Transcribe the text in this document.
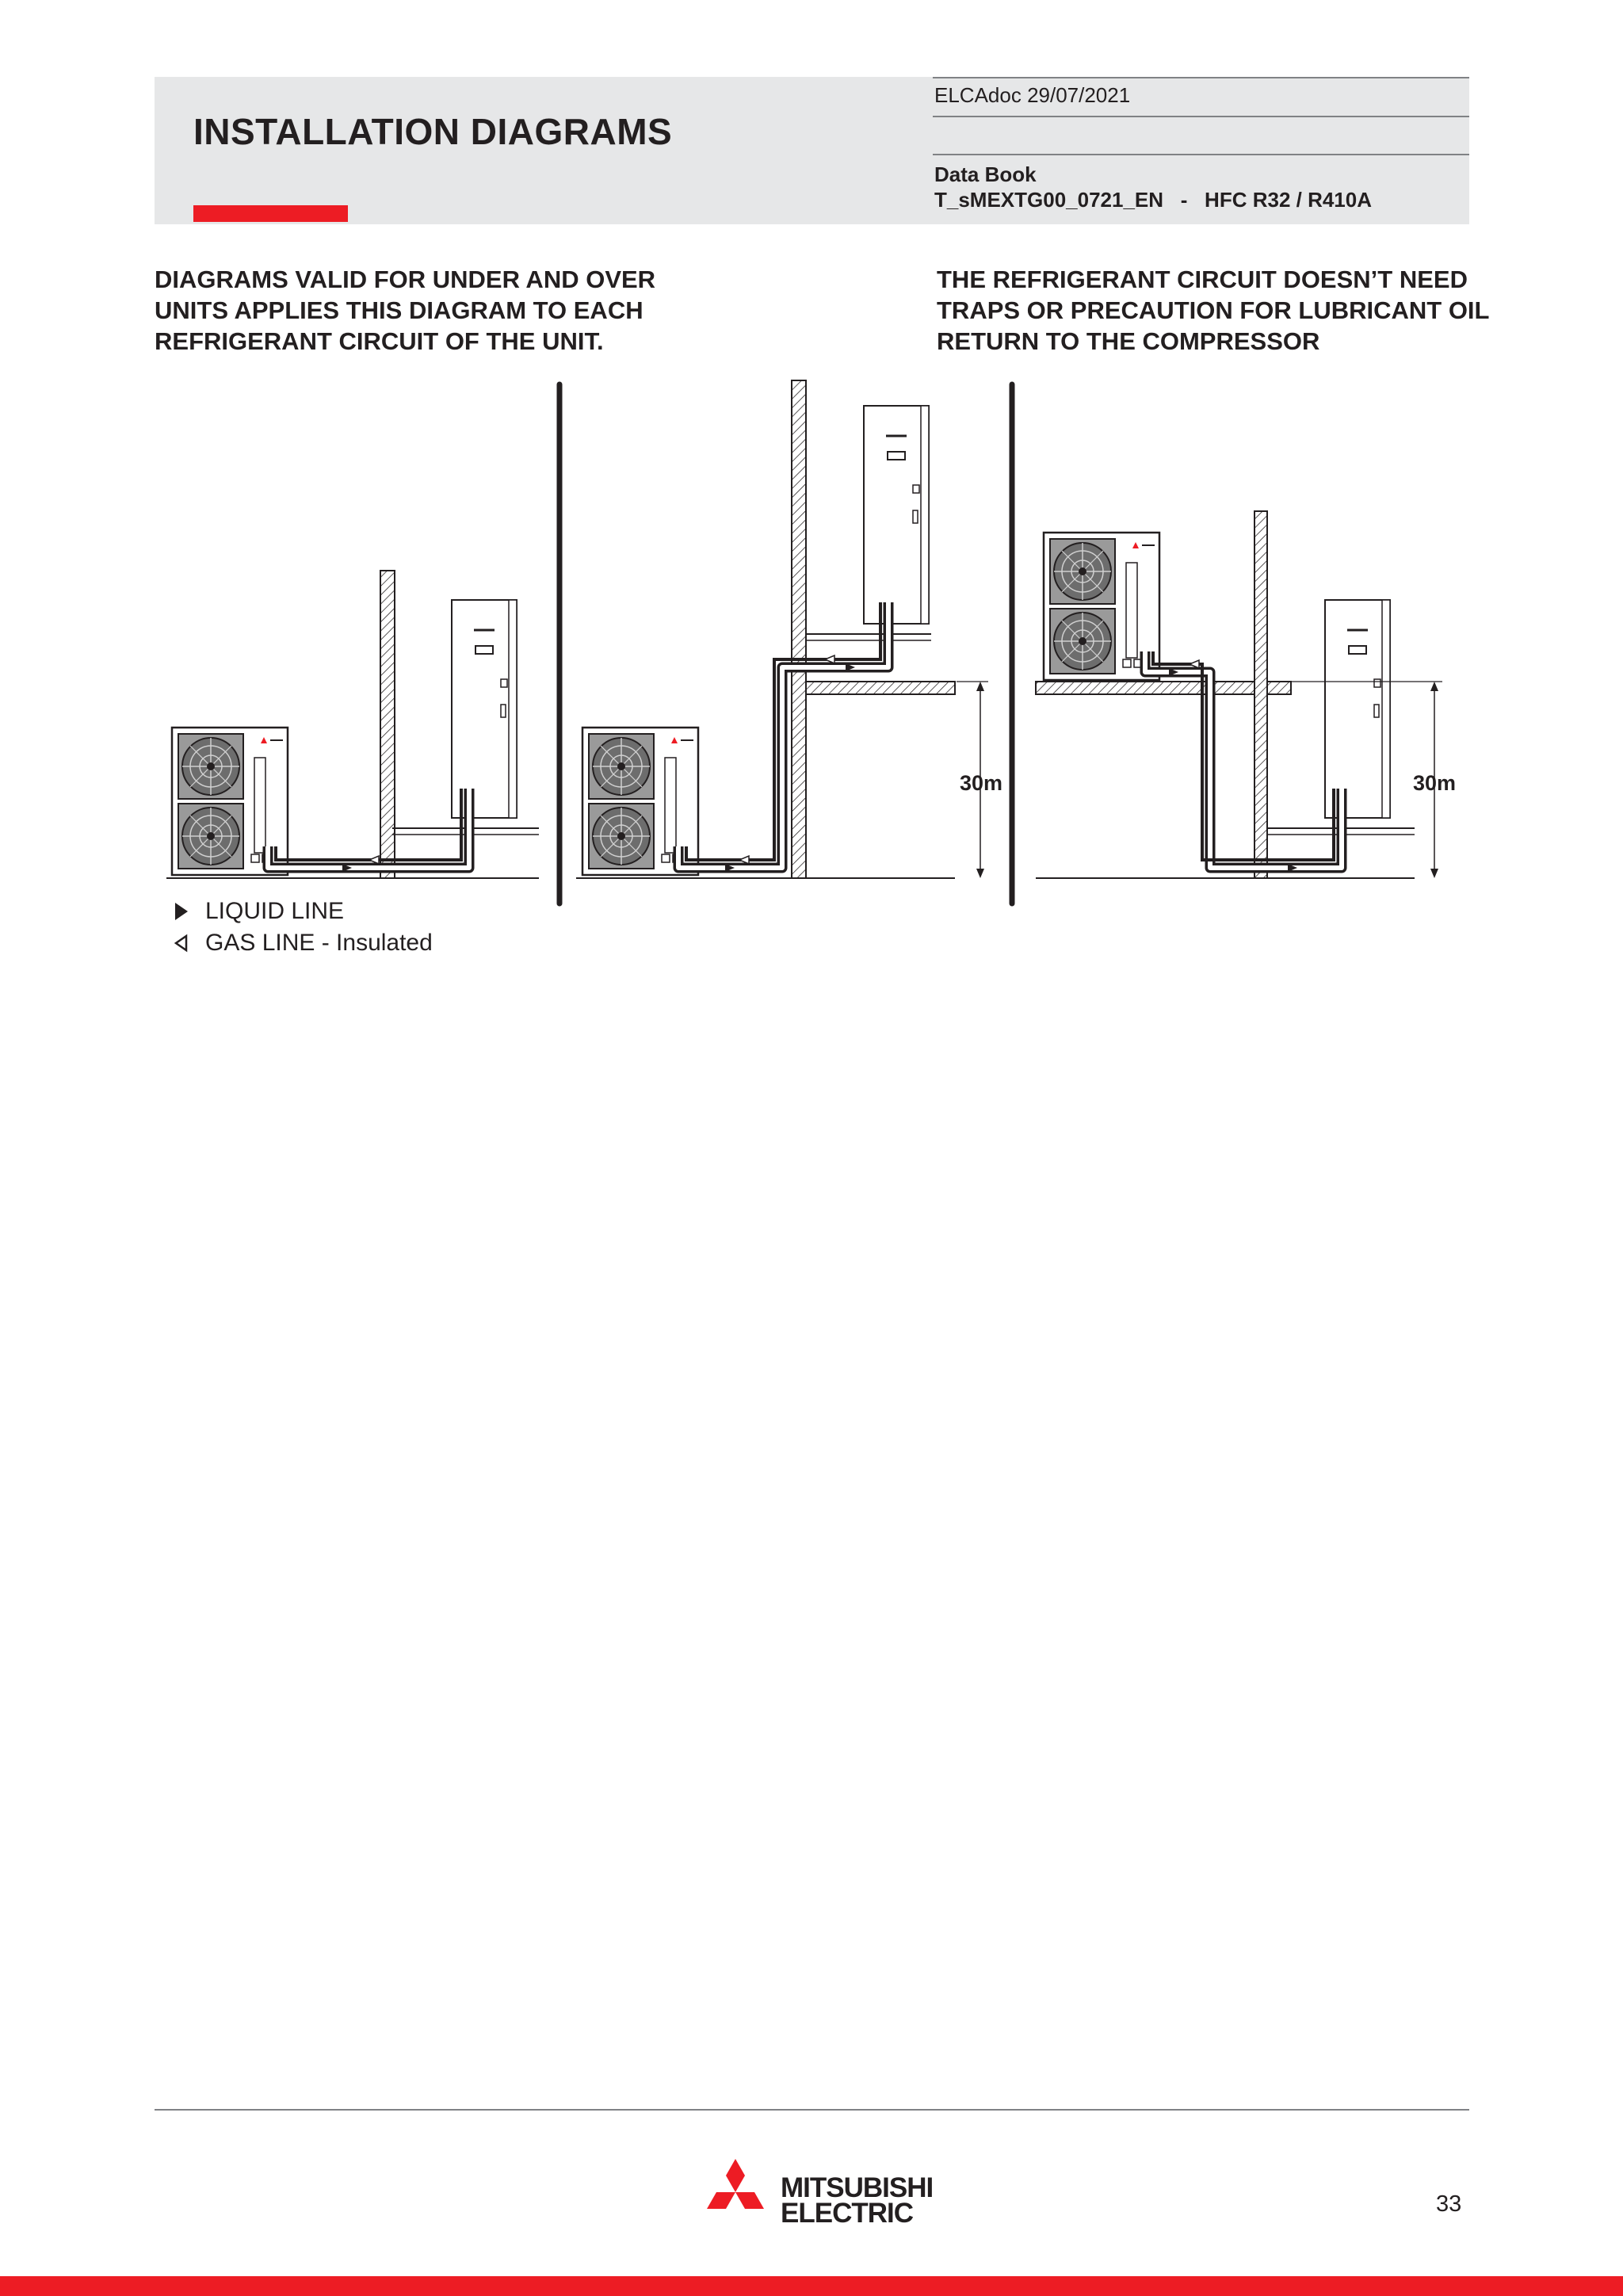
INSTALLATION DIAGRAMS
ELCAdoc 29/07/2021
Data Book
T_sMEXTG00_0721_EN   -   HFC R32 / R410A

DIAGRAMS VALID FOR UNDER AND OVER UNITS APPLIES THIS DIAGRAM TO EACH REFRIGERANT CIRCUIT OF THE UNIT.

THE REFRIGERANT CIRCUIT DOESN’T NEED TRAPS OR PRECAUTION FOR LUBRICANT OIL RETURN TO THE COMPRESSOR

30m	30m
LIQUID LINE
GAS LINE - Insulated
MITSUBISHI
ELECTRIC	33
